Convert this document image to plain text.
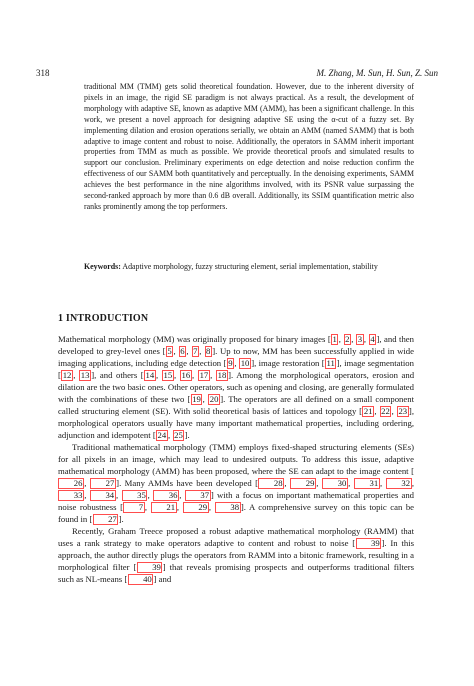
318	M. Zhang, M. Sun, H. Sun, Z. Sun
traditional MM (TMM) gets solid theoretical foundation. However, due to the inherent diversity of pixels in an image, the rigid SE paradigm is not always practical. As a result, the development of morphology with adaptive SE, known as adaptive MM (AMM), has been a significant challenge. In this work, we present a novel approach for designing adaptive SE using the α-cut of a fuzzy set. By implementing dilation and erosion operations serially, we obtain an AMM (named SAMM) that is both adaptive to image content and robust to noise. Additionally, the operators in SAMM inherit important properties from TMM as much as possible. We provide theoretical proofs and simulated results to support our conclusion. Preliminary experiments on edge detection and noise reduction confirm the effectiveness of our SAMM both quantitatively and perceptually. In the denoising experiments, SAMM achieves the best performance in the nine algorithms involved, with its PSNR value surpassing the second-ranked approach by more than 0.6 dB overall. Additionally, its SSIM quantification metric also ranks prominently among the top performers.
Keywords: Adaptive morphology, fuzzy structuring element, serial implementation, stability
1 INTRODUCTION

Mathematical morphology (MM) was originally proposed for binary images [ 1 , 2 , 3 , 4 ], and then developed to grey-level ones [ 5 , 6 , 7 , 8 ]. Up to now, MM has been successfully applied in wide imaging applications, including edge detection [ 9 , 10 ], image restoration [ 11 ], image segmentation [ 12 , 13 ], and others [ 14 , 15 , 16 , 17 , 18 ]. Among the morphological operators, erosion and dilation are the two basic ones. Other operators, such as opening and closing, are generally formulated with the combinations of these two [ 19 , 20 ]. The operators are all defined on a small component called structuring element (SE). With solid theoretical basis of lattices and topology [ 21 , 22 , 23 ], morphological operators usually have many important mathematical properties, including ordering, adjunction and idempotent [ 24 , 25 ].

Traditional mathematical morphology (TMM) employs fixed-shaped structuring elements (SEs) for all pixels in an image, which may lead to undesired outputs. To address this issue, adaptive mathematical morphology (AMM) has been proposed, where the SE can adapt to the image content [26 , 27 ]. Many AMMs have been developed [ 28 , 29 , 30 , 31 , 32 , 33 , 34 , 35 , 36 , 37 ] with a focus on important mathematical properties and noise robustness [ 7 , 21 , 29 , 38 ]. A comprehensive survey on this topic can be found in [ 27 ].

Recently, Graham Treece proposed a robust adaptive mathematical morphology (RAMM) that uses a rank strategy to make operators adaptive to content and robust to noise [ 39 ]. In this approach, the author directly plugs the operators from RAMM into a bitonic framework, resulting in a morphological filter [ 39 ] that reveals promising prospects and outperforms traditional filters such as NL-means [ 40 ] and
